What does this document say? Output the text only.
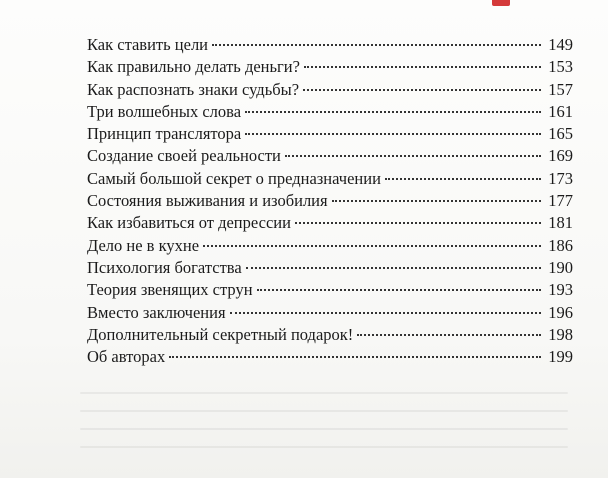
Как ставить цели	149
Как правильно делать деньги?	153
Как распознать знаки судьбы?	157
Три волшебных слова	161
Принцип транслятора	165
Создание своей реальности	169
Самый большой секрет о предназначении	173
Состояния выживания и изобилия	177
Как избавиться от депрессии	181
Дело не в кухне	186
Психология богатства	190
Теория звенящих струн	193
Вместо заключения	196
Дополнительный секретный подарок!	198
Об авторах	199
